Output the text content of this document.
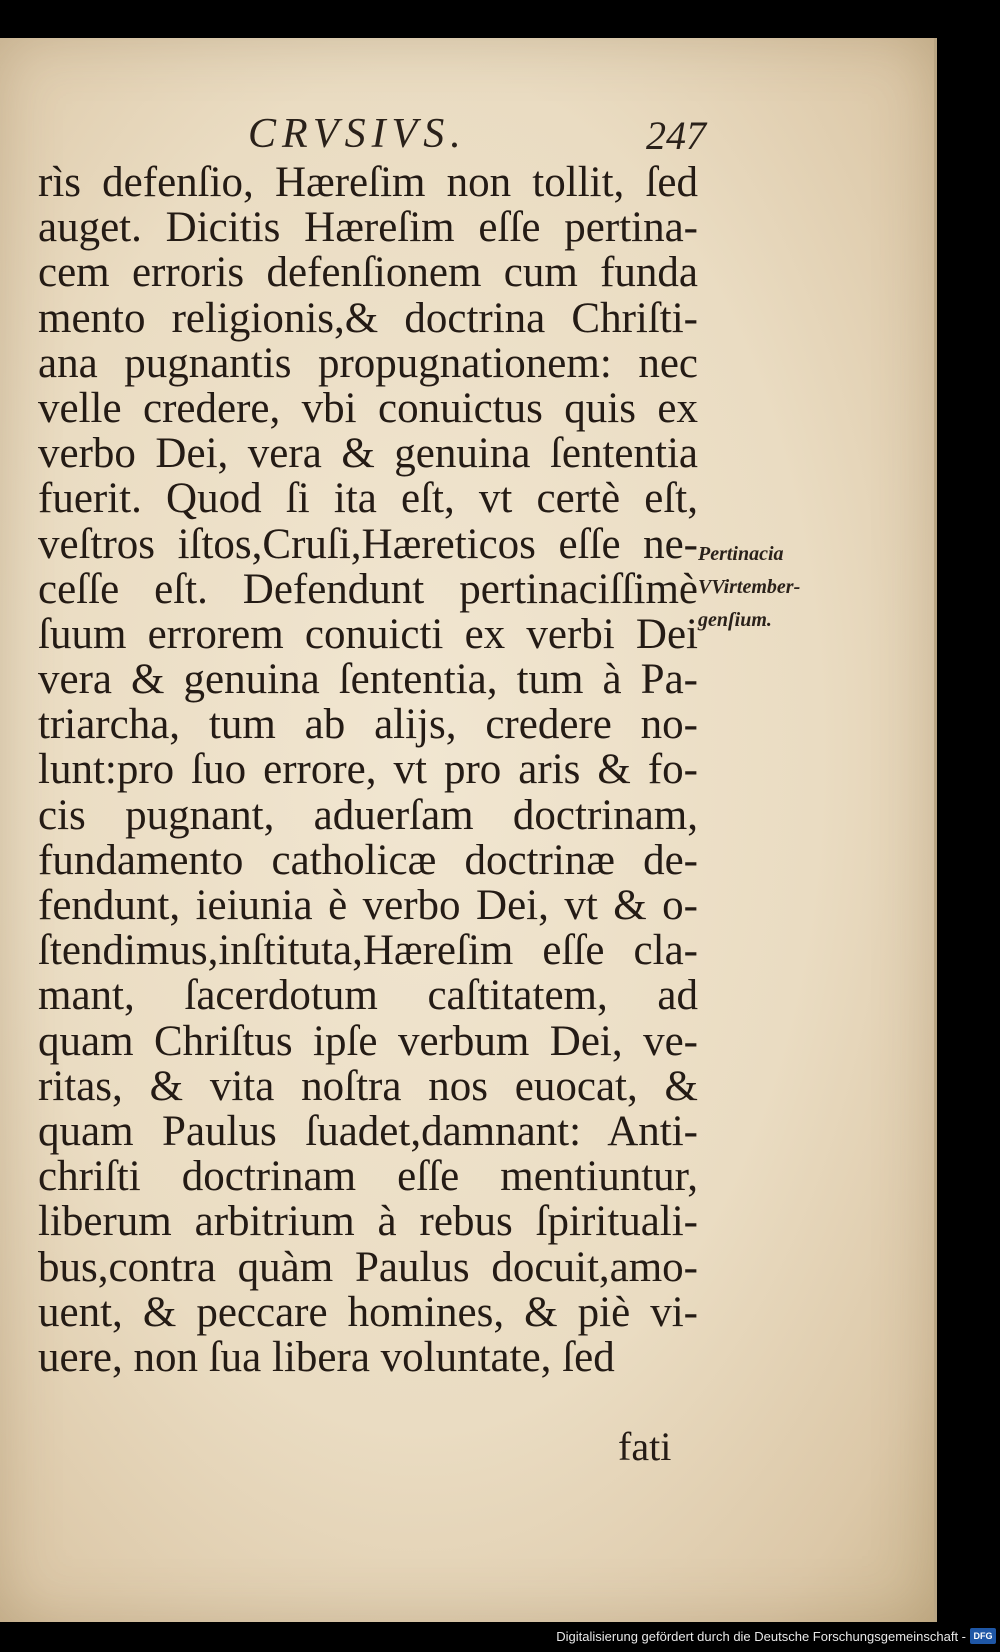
CRVSIVS.	247
rìs defenſio, Hæreſim non tollit, ſed
auget. Dicitis Hæreſim eſſe pertina-
cem erroris defenſionem cum funda
mento religionis,& doctrina Chriſti-
ana pugnantis propugnationem: nec
velle credere, vbi conuictus quis ex
verbo Dei, vera & genuina ſententia
fuerit. Quod ſi ita eſt, vt certè eſt,
veſtros iſtos,Cruſi,Hæreticos eſſe ne-
ceſſe eſt. Defendunt pertinaciſſimè
ſuum errorem conuicti ex verbi Dei
vera & genuina ſententia, tum à Pa-
triarcha, tum ab alijs, credere no-
lunt:pro ſuo errore, vt pro aris & fo-
cis pugnant, aduerſam doctrinam,
fundamento catholicæ doctrinæ de-
fendunt, ieiunia è verbo Dei, vt & o-
ſtendimus,inſtituta,Hæreſim eſſe cla-
mant, ſacerdotum caſtitatem, ad
quam Chriſtus ipſe verbum Dei, ve-
ritas, & vita noſtra nos euocat, &
quam Paulus ſuadet,damnant: Anti-
chriſti doctrinam eſſe mentiuntur,
liberum arbitrium à rebus ſpirituali-
bus,contra quàm Paulus docuit,amo-
uent, & peccare homines, & piè vi-
uere, non ſua libera voluntate, ſed
fati
Pertinacia
VVirtember-
genſium.
Digitalisierung gefördert durch die Deutsche Forschungsgemeinschaft - DFG
